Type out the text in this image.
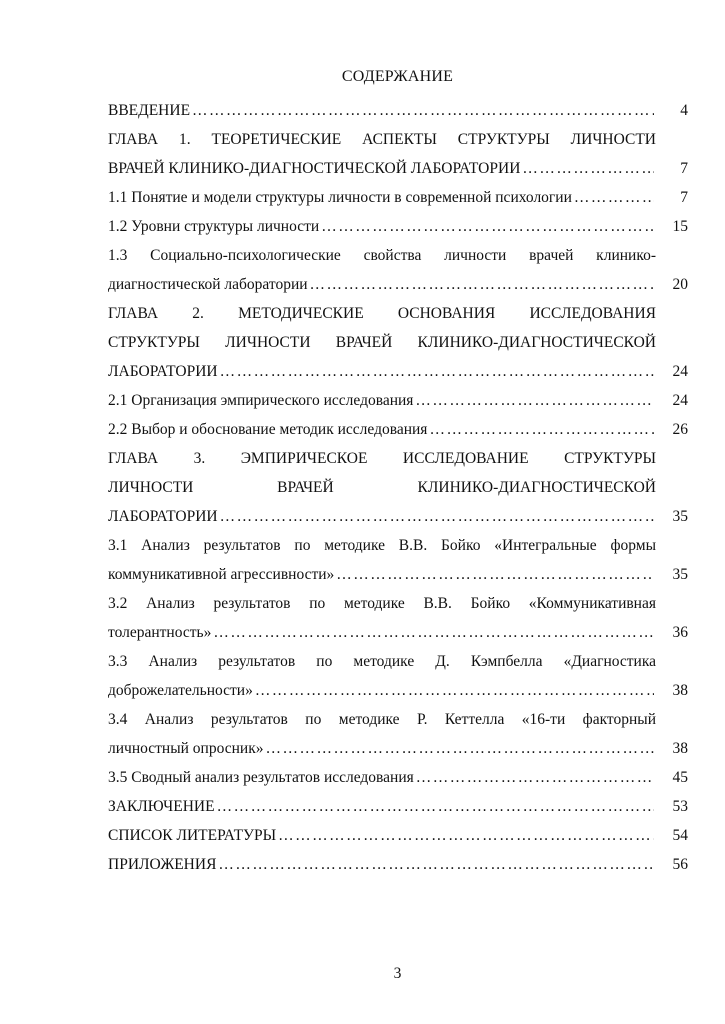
СОДЕРЖАНИЕ
ВВЕДЕНИЕ ……………………………………………………………………………………………………………………………………………………	4
ГЛАВА 1. ТЕОРЕТИЧЕСКИЕ АСПЕКТЫ СТРУКТУРЫ ЛИЧНОСТИ
ВРАЧЕЙ КЛИНИКО-ДИАГНОСТИЧЕСКОЙ ЛАБОРАТОРИИ ……………………………………………………………………………………………………………………………………………………	7
1.1 Понятие и модели структуры личности в современной психологии ……………………………………………………………………………………………………………………………………………………	7
1.2 Уровни структуры личности ……………………………………………………………………………………………………………………………………………………	15
1.3 Социально-психологические свойства личности врачей клинико-
диагностической лаборатории ……………………………………………………………………………………………………………………………………………………	20
ГЛАВА 2. МЕТОДИЧЕСКИЕ ОСНОВАНИЯ ИССЛЕДОВАНИЯ
СТРУКТУРЫ ЛИЧНОСТИ ВРАЧЕЙ КЛИНИКО-ДИАГНОСТИЧЕСКОЙ
ЛАБОРАТОРИИ ……………………………………………………………………………………………………………………………………………………	24
2.1 Организация эмпирического исследования ……………………………………………………………………………………………………………………………………………………	24
2.2 Выбор и обоснование методик исследования ……………………………………………………………………………………………………………………………………………………	26
ГЛАВА 3. ЭМПИРИЧЕСКОЕ ИССЛЕДОВАНИЕ СТРУКТУРЫ
ЛИЧНОСТИ ВРАЧЕЙ КЛИНИКО-ДИАГНОСТИЧЕСКОЙ
ЛАБОРАТОРИИ ……………………………………………………………………………………………………………………………………………………	35
3.1 Анализ результатов по методике В.В. Бойко «Интегральные формы
коммуникативной агрессивности» ……………………………………………………………………………………………………………………………………………………	35
3.2 Анализ результатов по методике В.В. Бойко «Коммуникативная
толерантность» ……………………………………………………………………………………………………………………………………………………	36
3.3 Анализ результатов по методике Д. Кэмпбелла «Диагностика
доброжелательности» ……………………………………………………………………………………………………………………………………………………	38
3.4 Анализ результатов по методике Р. Кеттелла «16-ти факторный
личностный опросник» ……………………………………………………………………………………………………………………………………………………	38
3.5 Сводный анализ результатов исследования ……………………………………………………………………………………………………………………………………………………	45
ЗАКЛЮЧЕНИЕ ……………………………………………………………………………………………………………………………………………………	53
СПИСОК ЛИТЕРАТУРЫ ……………………………………………………………………………………………………………………………………………………	54
ПРИЛОЖЕНИЯ ……………………………………………………………………………………………………………………………………………………	56
3
